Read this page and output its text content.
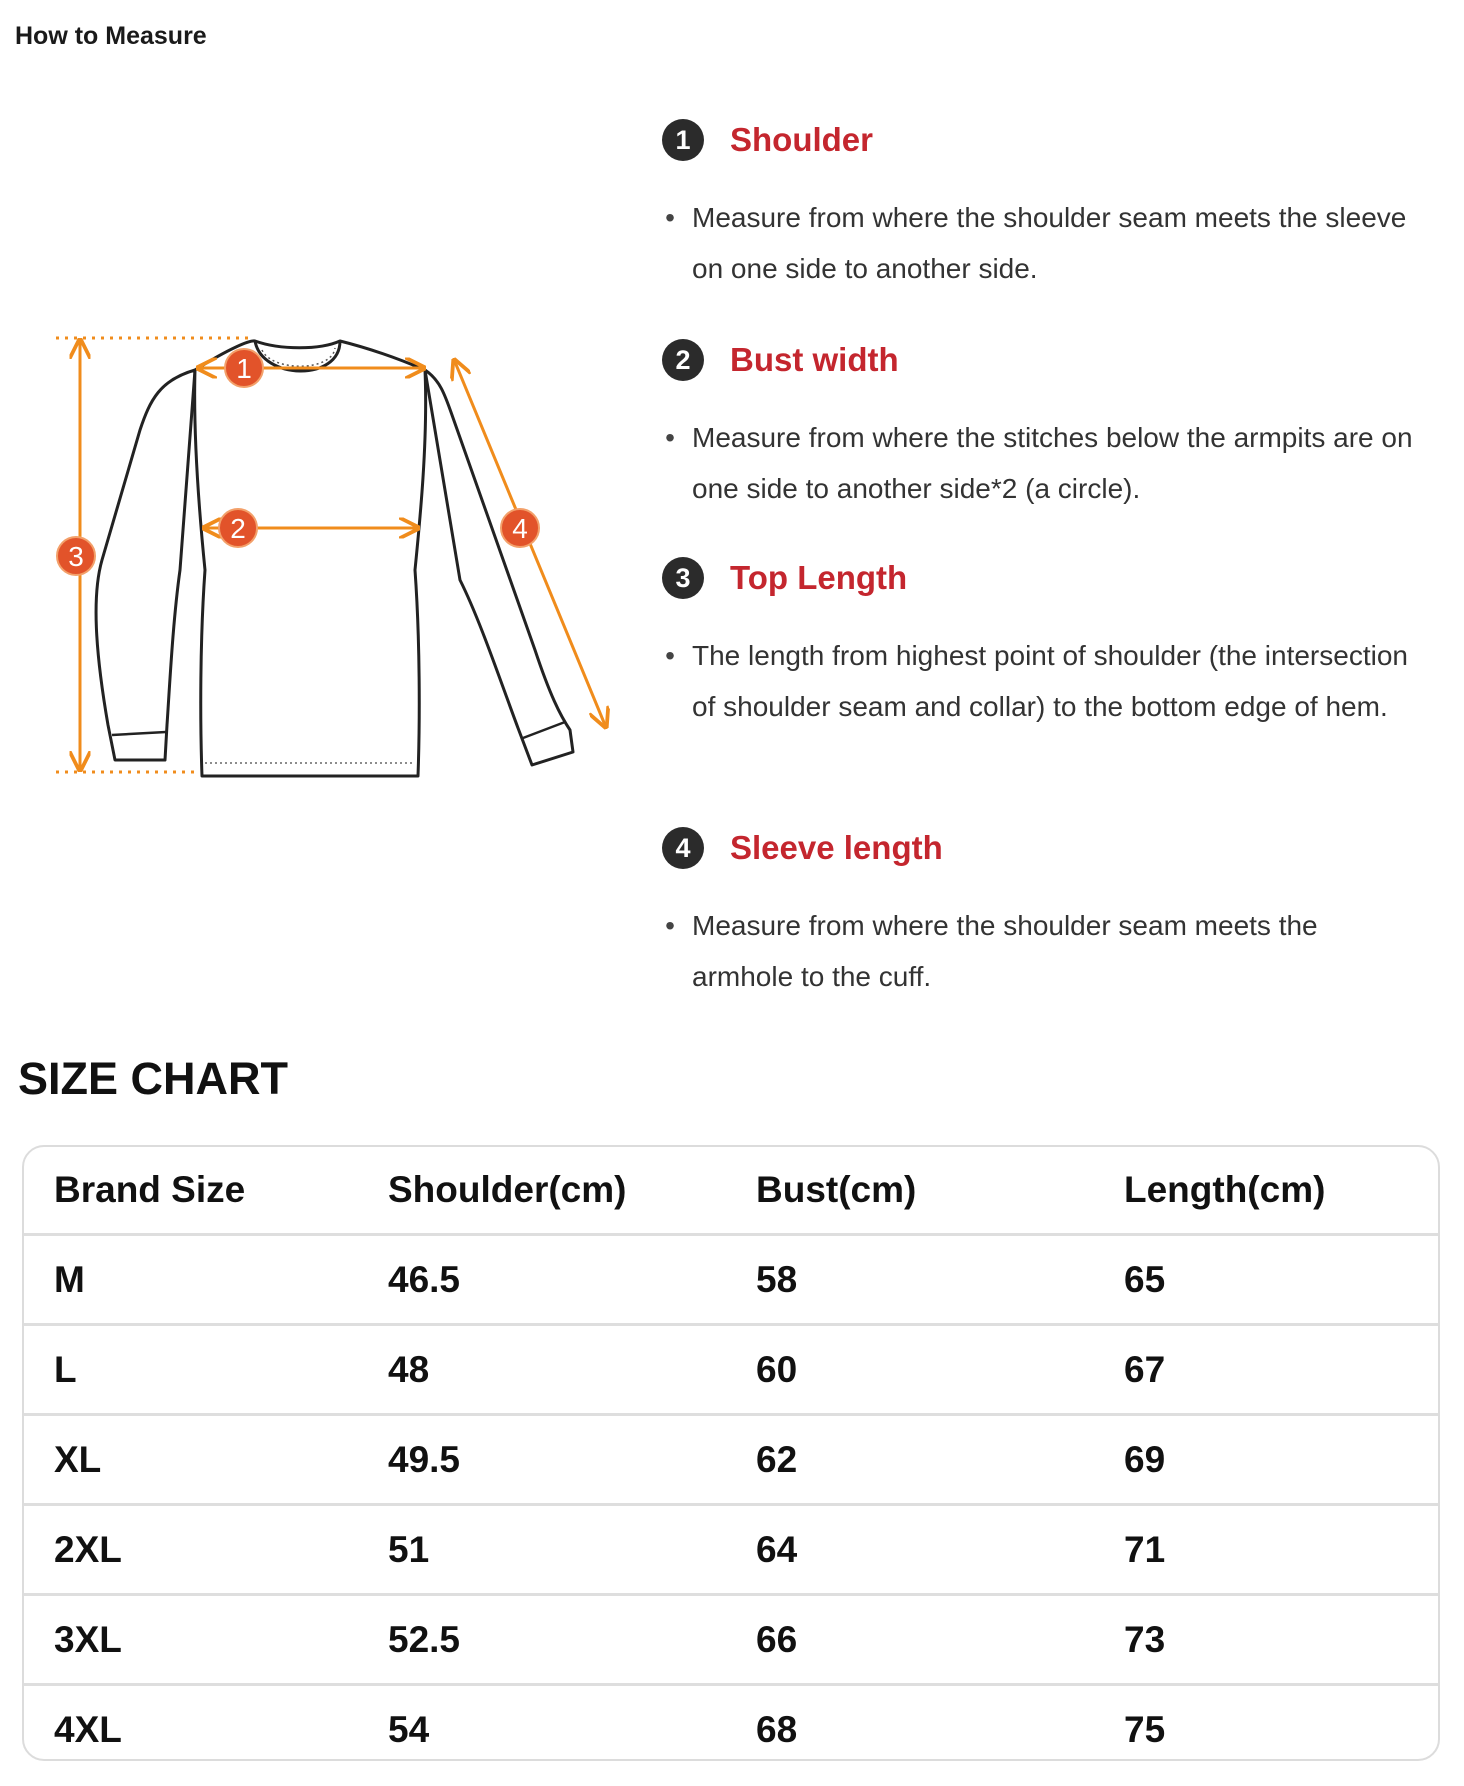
How to Measure
1
2
3
4
1	Shoulder
• Measure from where the shoulder seam meets the sleeve on one side to another side.
2	Bust width
• Measure from where the stitches below the armpits are on one side to another side*2 (a circle).
3	Top Length
• The length from highest point of shoulder (the intersection of shoulder seam and collar) to the bottom edge of hem.
4	Sleeve length
• Measure from where the shoulder seam meets the armhole to the cuff.
SIZE CHART
Brand Size	Shoulder(cm)	Bust(cm)	Length(cm)
M	46.5	58	65
L	48	60	67
XL	49.5	62	69
2XL	51	64	71
3XL	52.5	66	73
4XL	54	68	75
